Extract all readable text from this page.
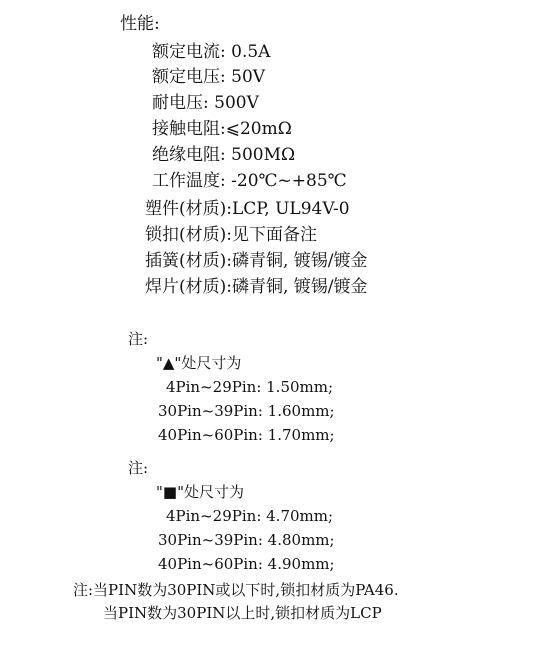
性能:
额定电流: 0.5A
额定电压: 50V
耐电压: 500V
接触电阻:⩽20mΩ
绝缘电阻: 500MΩ
工作温度: -20℃~+85℃
塑件(材质):LCP, UL94V-0
锁扣(材质):见下面备注
插簧(材质):磷青铜, 镀锡/镀金
焊片(材质):磷青铜, 镀锡/镀金
注:
"▲"处尺寸为
4Pin~29Pin: 1.50mm;
30Pin~39Pin: 1.60mm;
40Pin~60Pin: 1.70mm;
注:
"■"处尺寸为
4Pin~29Pin: 4.70mm;
30Pin~39Pin: 4.80mm;
40Pin~60Pin: 4.90mm;
注:当PIN数为30PIN或以下时,锁扣材质为PA46.
当PIN数为30PIN以上时,锁扣材质为LCP
